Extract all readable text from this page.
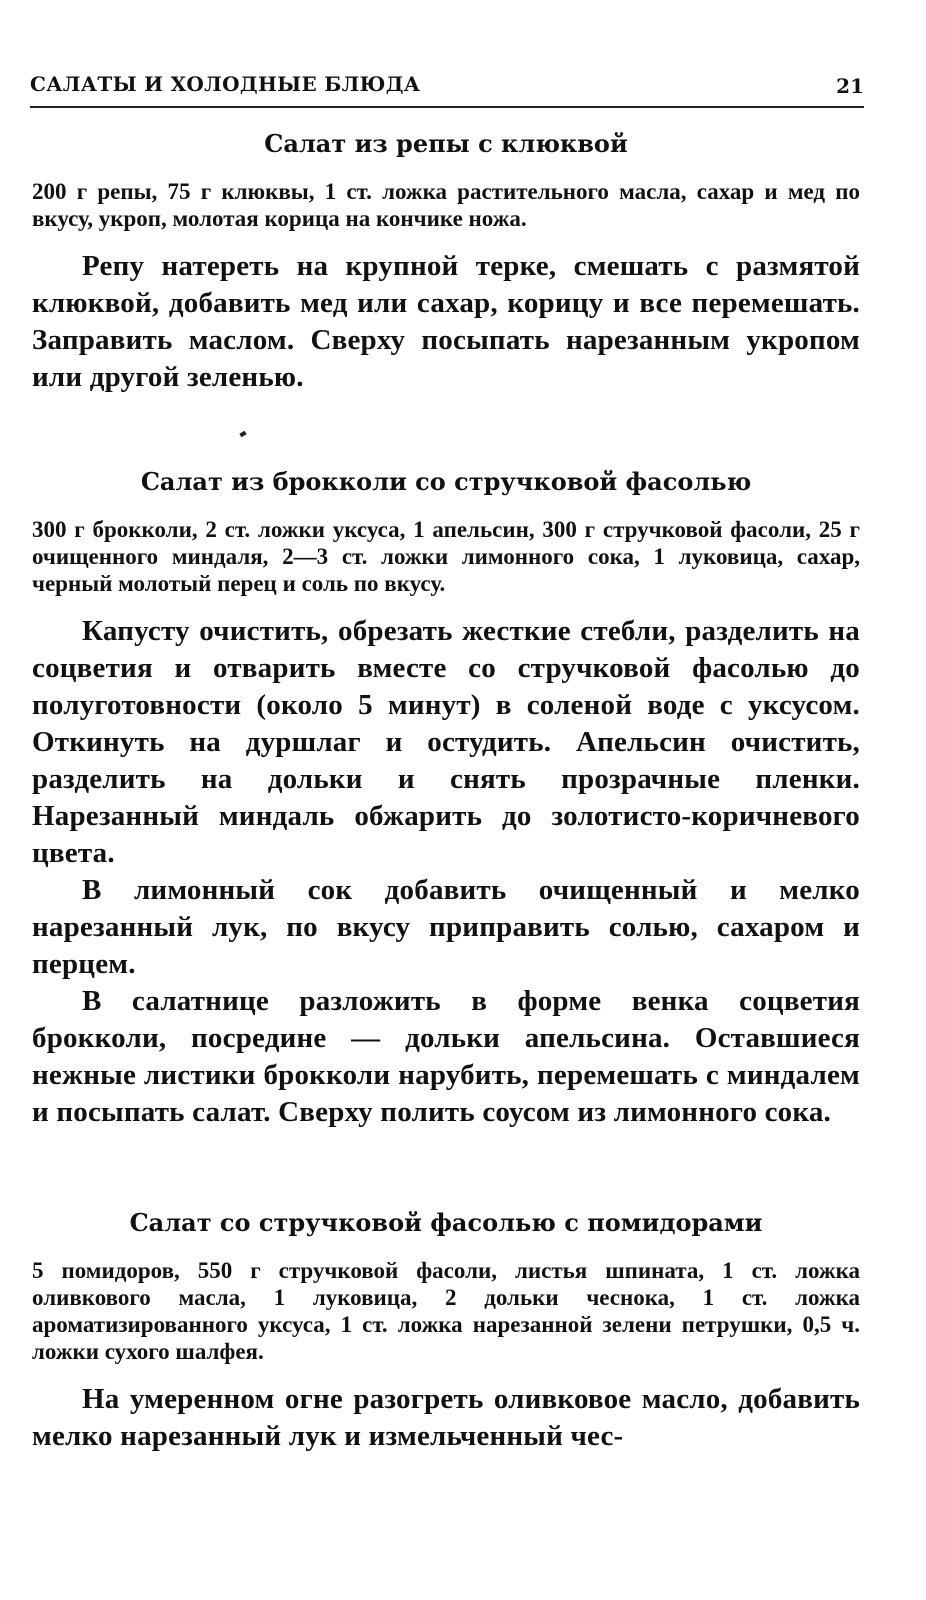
САЛАТЫ И ХОЛОДНЫЕ БЛЮДА	21
Салат из репы с клюквой

200 г репы, 75 г клюквы, 1 ст. ложка растительного масла, сахар и мед по вкусу, укроп, молотая корица на кончике ножа.

Репу натереть на крупной терке, смешать с размятой клюквой, добавить мед или сахар, корицу и все перемешать. Заправить маслом. Сверху посыпать нарезанным укропом или другой зеленью.

Салат из брокколи со стручковой фасолью

300 г брокколи, 2 ст. ложки уксуса, 1 апельсин, 300 г стручковой фасоли, 25 г очищенного миндаля, 2—3 ст. ложки лимонного сока, 1 луковица, сахар, черный молотый перец и соль по вкусу.

Капусту очистить, обрезать жесткие стебли, разделить на соцветия и отварить вместе со стручковой фасолью до полуготовности (около 5 минут) в соленой воде с уксусом. Откинуть на дуршлаг и остудить. Апельсин очистить, разделить на дольки и снять прозрачные пленки. Нарезанный миндаль обжарить до золотисто-коричневого цвета.

В лимонный сок добавить очищенный и мелко нарезанный лук, по вкусу приправить солью, сахаром и перцем.

В салатнице разложить в форме венка соцветия брокколи, посредине — дольки апельсина. Оставшиеся нежные листики брокколи нарубить, перемешать с миндалем и посыпать салат. Сверху полить соусом из лимонного сока.

Салат со стручковой фасолью с помидорами

5 помидоров, 550 г стручковой фасоли, листья шпината, 1 ст. ложка оливкового масла, 1 луковица, 2 дольки чеснока, 1 ст. ложка ароматизированного уксуса, 1 ст. ложка нарезанной зелени петрушки, 0,5 ч. ложки сухого шалфея.

На умеренном огне разогреть оливковое масло, добавить мелко нарезанный лук и измельченный чес-
